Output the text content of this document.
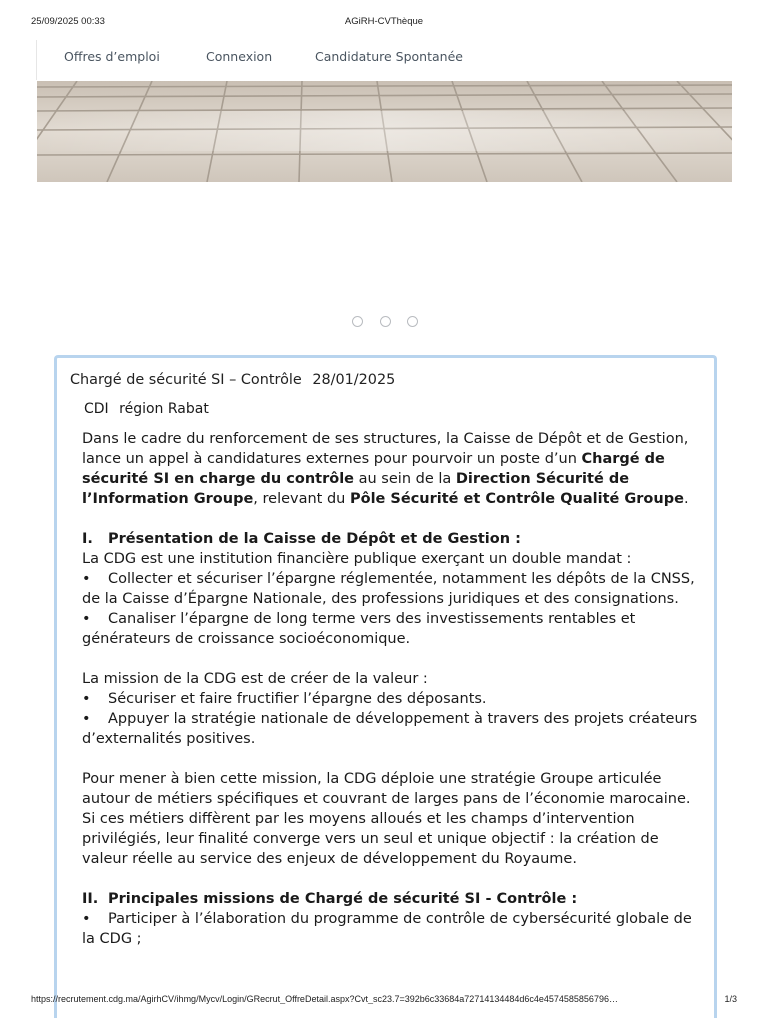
25/09/2025 00:33	AGiRH-CVThèque
Offres d’emploi	Connexion	Candidature Spontanée
Chargé de sécurité SI – Contrôle 28/01/2025
CDI région Rabat

Dans le cadre du renforcement de ses structures, la Caisse de Dépôt et de Gestion, lance un appel à candidatures externes pour pourvoir un poste d’un Chargé de sécurité SI en charge du contrôle au sein de la Direction Sécurité de l’Information Groupe, relevant du Pôle Sécurité et Contrôle Qualité Groupe.

I. Présentation de la Caisse de Dépôt et de Gestion :

La CDG est une institution financière publique exerçant un double mandat :

• Collecter et sécuriser l’épargne réglementée, notamment les dépôts de la CNSS, de la Caisse d’Épargne Nationale, des professions juridiques et des consignations.

• Canaliser l’épargne de long terme vers des investissements rentables et générateurs de croissance socioéconomique.

La mission de la CDG est de créer de la valeur :

• Sécuriser et faire fructifier l’épargne des déposants.

• Appuyer la stratégie nationale de développement à travers des projets créateurs d’externalités positives.

Pour mener à bien cette mission, la CDG déploie une stratégie Groupe articulée autour de métiers spécifiques et couvrant de larges pans de l’économie marocaine. Si ces métiers diffèrent par les moyens alloués et les champs d’intervention privilégiés, leur finalité converge vers un seul et unique objectif : la création de valeur réelle au service des enjeux de développement du Royaume.

II. Principales missions de Chargé de sécurité SI - Contrôle :

• Participer à l’élaboration du programme de contrôle de cybersécurité globale de la CDG ;

https://recrutement.cdg.ma/AgirhCV/ihmg/Mycv/Login/GRecrut_OffreDetail.aspx?Cvt_sc23.7=392b6c33684a72714134484d6c4e4574585856796…	1/3
